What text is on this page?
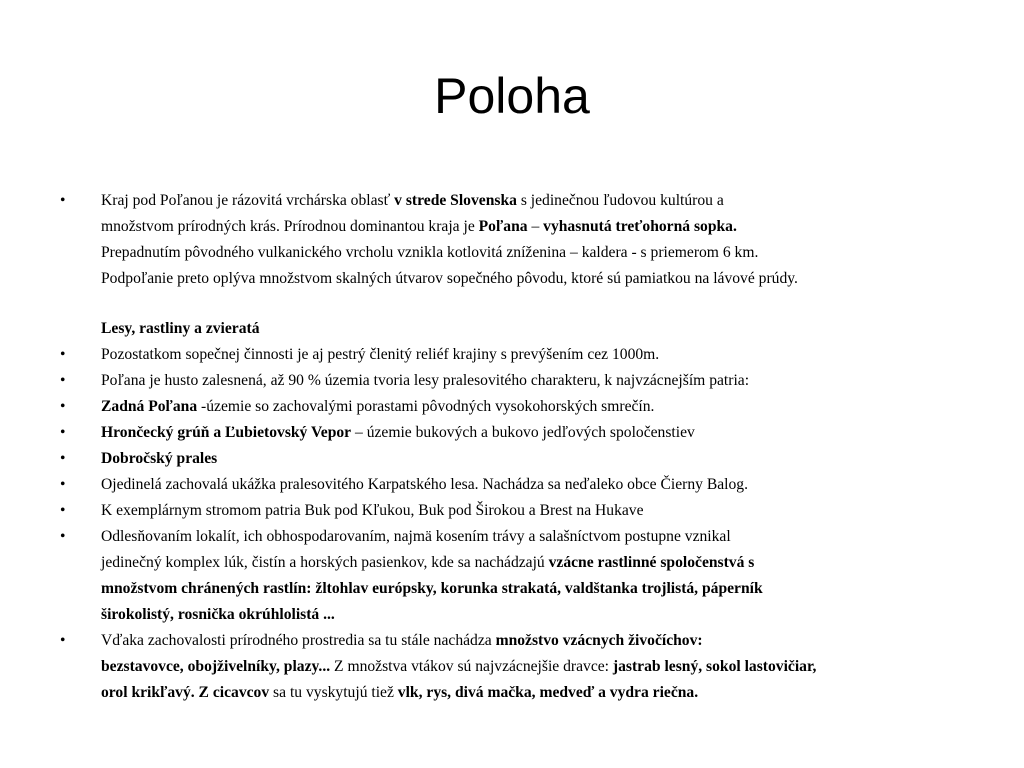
Poloha
•	Kraj pod Poľanou je rázovitá vrchárska oblasť v strede Slovenska s jedinečnou ľudovou kultúrou a
množstvom prírodných krás. Prírodnou dominantou kraja je Poľana – vyhasnutá treťohorná sopka.
Prepadnutím pôvodného vulkanického vrcholu vznikla kotlovitá zníženina – kaldera - s priemerom 6 km.
Podpoľanie preto oplýva množstvom skalných útvarov sopečného pôvodu, ktoré sú pamiatkou na lávové prúdy.
Lesy, rastliny a zvieratá
•	Pozostatkom sopečnej činnosti je aj pestrý členitý reliéf krajiny s prevýšením cez 1000m.
•	Poľana je husto zalesnená, až 90 % územia tvoria lesy pralesovitého charakteru, k najvzácnejším patria:
•	Zadná Poľana -územie so zachovalými porastami pôvodných vysokohorských smrečín.
•	Hrončecký grúň a Ľubietovský Vepor – územie bukových a bukovo jedľových spoločenstiev
•	Dobročský prales
•	Ojedinelá zachovalá ukážka pralesovitého Karpatského lesa. Nachádza sa neďaleko obce Čierny Balog.
•	K exemplárnym stromom patria Buk pod Kľukou, Buk pod Širokou a Brest na Hukave
•	Odlesňovaním lokalít, ich obhospodarovaním, najmä kosením trávy a salašníctvom postupne vznikal
jedinečný komplex lúk, čistín a horských pasienkov, kde sa nachádzajú vzácne rastlinné spoločenstvá s
množstvom chránených rastlín: žltohlav európsky, korunka strakatá, valdštanka trojlistá, páperník
širokolistý, rosnička okrúhlolistá ...
•	Vďaka zachovalosti prírodného prostredia sa tu stále nachádza množstvo vzácnych živočíchov:
bezstavovce, obojživelníky, plazy... Z množstva vtákov sú najvzácnejšie dravce: jastrab lesný, sokol lastovičiar,
orol krikľavý. Z cicavcov sa tu vyskytujú tiež vlk, rys, divá mačka, medveď a vydra riečna.
